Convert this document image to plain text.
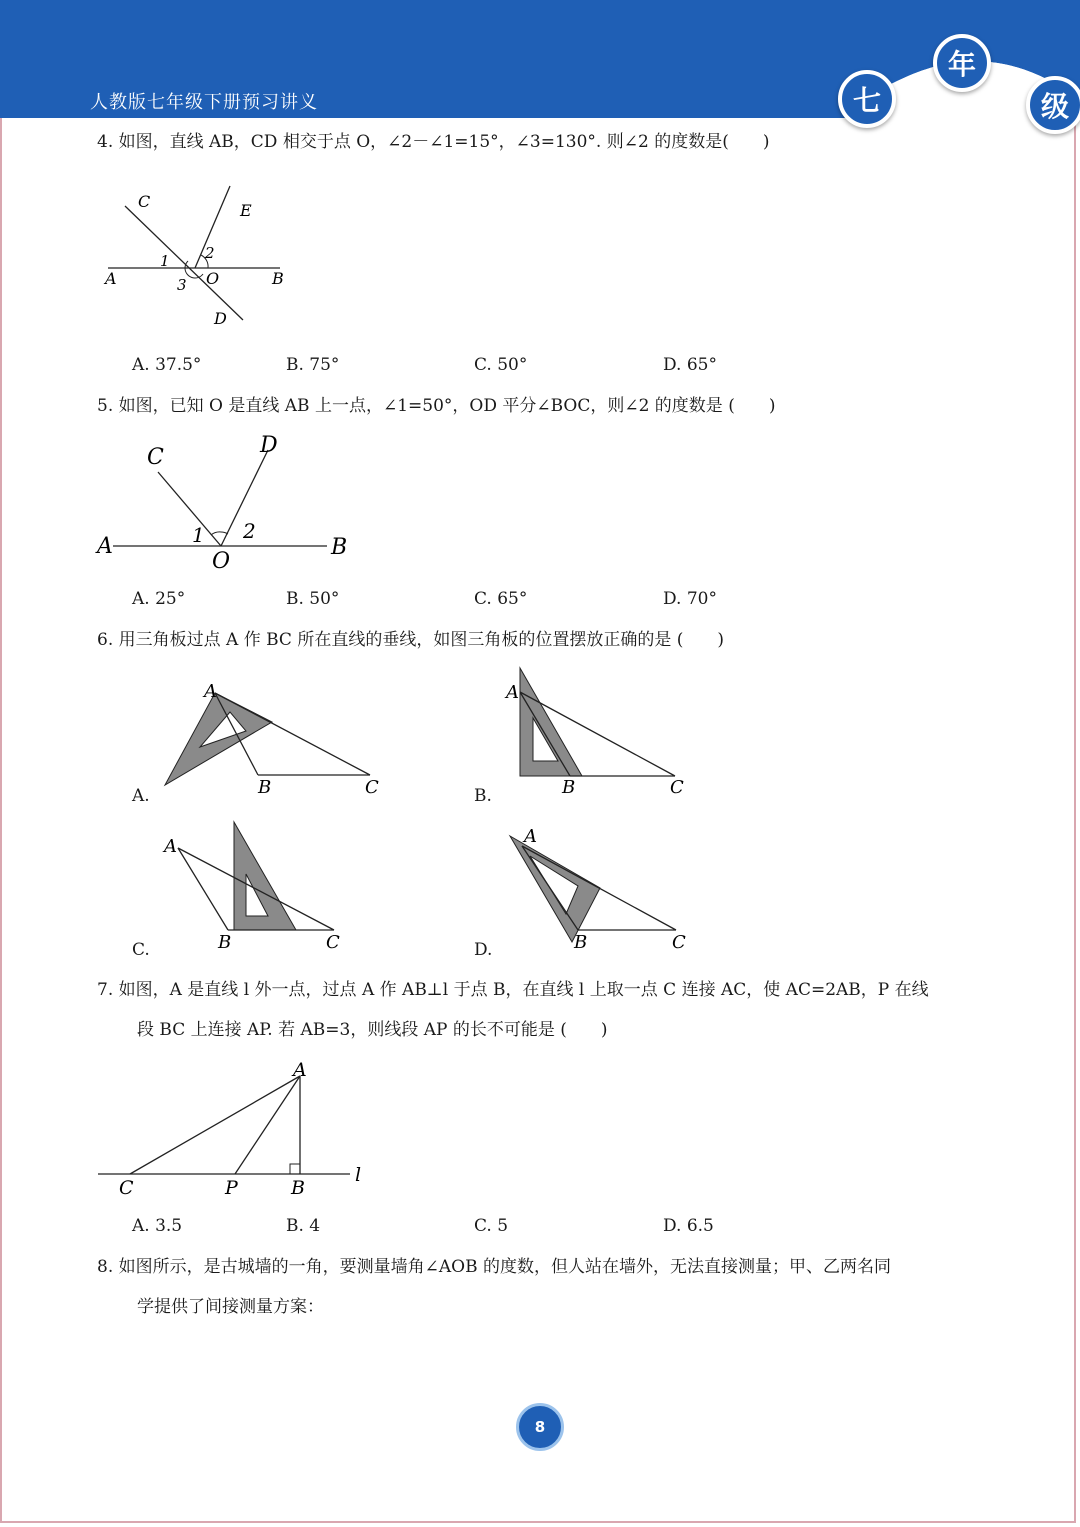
人教版七年级下册预习讲义	七
年
级
4. 如图，直线 AB，CD 相交于点 O，∠2－∠1=15°，∠3=130°. 则∠2 的度数是(　　)
C	E
A	O	B
D
1 2
3
A. 37.5°	B. 75°	C. 50°	D. 65°
5. 如图，已知 O 是直线 AB 上一点，∠1=50°，OD 平分∠BOC，则∠2 的度数是 (　　)
C	D
A
O
B
1 2
A. 25°	B. 50°	C. 65°	D. 70°
6. 用三角板过点 A 作 BC 所在直线的垂线，如图三角板的位置摆放正确的是 (　　)
A
B	C
A.
A
B	C
B.
A
B	C
C.
A
B	C
D.
7. 如图，A 是直线 l 外一点，过点 A 作 AB⊥l 于点 B，在直线 l 上取一点 C 连接 AC，使 AC=2AB，P 在线
段 BC 上连接 AP. 若 AB=3，则线段 AP 的长不可能是 (　　)
A
C	P	B
l
A. 3.5	B. 4	C. 5	D. 6.5
8. 如图所示，是古城墙的一角，要测量墙角∠AOB 的度数，但人站在墙外，无法直接测量；甲、乙两名同
学提供了间接测量方案：
8
